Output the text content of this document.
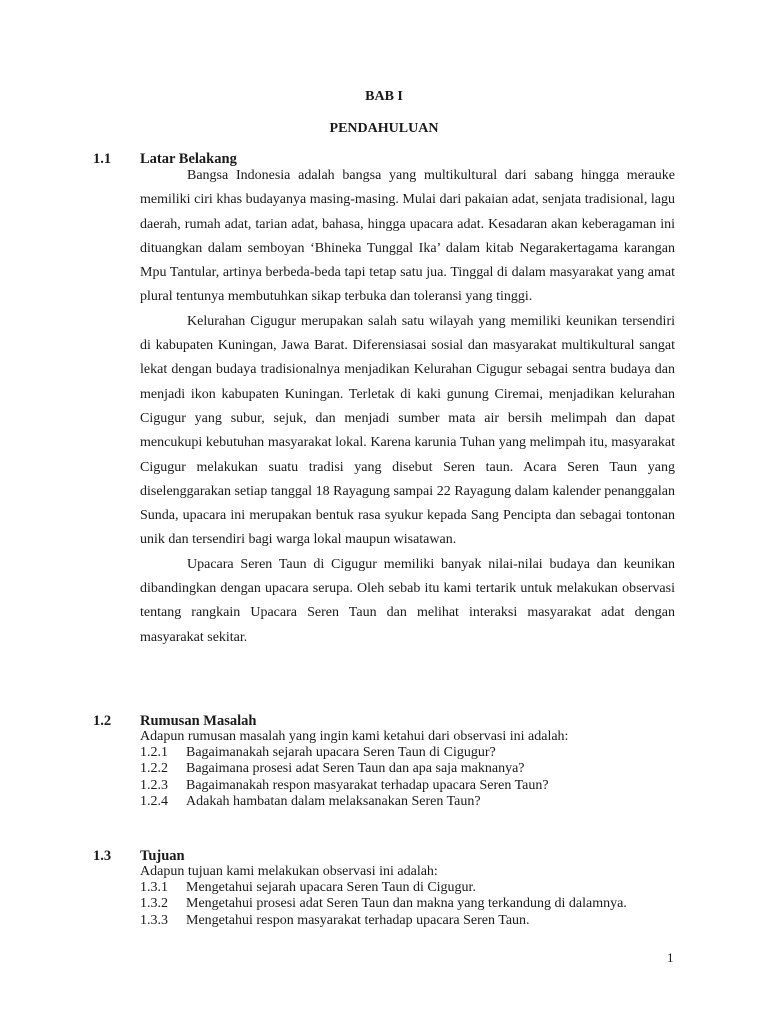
BAB I
PENDAHULUAN
1.1 Latar Belakang

Bangsa Indonesia adalah bangsa yang multikultural dari sabang hingga merauke memiliki ciri khas budayanya masing-masing. Mulai dari pakaian adat, senjata tradisional, lagu daerah, rumah adat, tarian adat, bahasa, hingga upacara adat. Kesadaran akan keberagaman ini dituangkan dalam semboyan ‘Bhineka Tunggal Ika’ dalam kitab Negarakertagama karangan Mpu Tantular, artinya berbeda-beda tapi tetap satu jua. Tinggal di dalam masyarakat yang amat plural tentunya membutuhkan sikap terbuka dan toleransi yang tinggi.

Kelurahan Cigugur merupakan salah satu wilayah yang memiliki keunikan tersendiri di kabupaten Kuningan, Jawa Barat. Diferensiasai sosial dan masyarakat multikultural sangat lekat dengan budaya tradisionalnya menjadikan Kelurahan Cigugur sebagai sentra budaya dan menjadi ikon kabupaten Kuningan. Terletak di kaki gunung Ciremai, menjadikan kelurahan Cigugur yang subur, sejuk, dan menjadi sumber mata air bersih melimpah dan dapat mencukupi kebutuhan masyarakat lokal. Karena karunia Tuhan yang melimpah itu, masyarakat Cigugur melakukan suatu tradisi yang disebut Seren taun. Acara Seren Taun yang diselenggarakan setiap tanggal 18 Rayagung sampai 22 Rayagung dalam kalender penanggalan Sunda, upacara ini merupakan bentuk rasa syukur kepada Sang Pencipta dan sebagai tontonan unik dan tersendiri bagi warga lokal maupun wisatawan.

Upacara Seren Taun di Cigugur memiliki banyak nilai-nilai budaya dan keunikan dibandingkan dengan upacara serupa. Oleh sebab itu kami tertarik untuk melakukan observasi tentang rangkain Upacara Seren Taun dan melihat interaksi masyarakat adat dengan masyarakat sekitar.

1.2 Rumusan Masalah

Adapun rumusan masalah yang ingin kami ketahui dari observasi ini adalah:

1.2.1 Bagaimanakah sejarah upacara Seren Taun di Cigugur?

1.2.2 Bagaimana prosesi adat Seren Taun dan apa saja maknanya?

1.2.3 Bagaimanakah respon masyarakat terhadap upacara Seren Taun?

1.2.4 Adakah hambatan dalam melaksanakan Seren Taun?

1.3 Tujuan

Adapun tujuan kami melakukan observasi ini adalah:

1.3.1 Mengetahui sejarah upacara Seren Taun di Cigugur.

1.3.2 Mengetahui prosesi adat Seren Taun dan makna yang terkandung di dalamnya.

1.3.3 Mengetahui respon masyarakat terhadap upacara Seren Taun.

1
